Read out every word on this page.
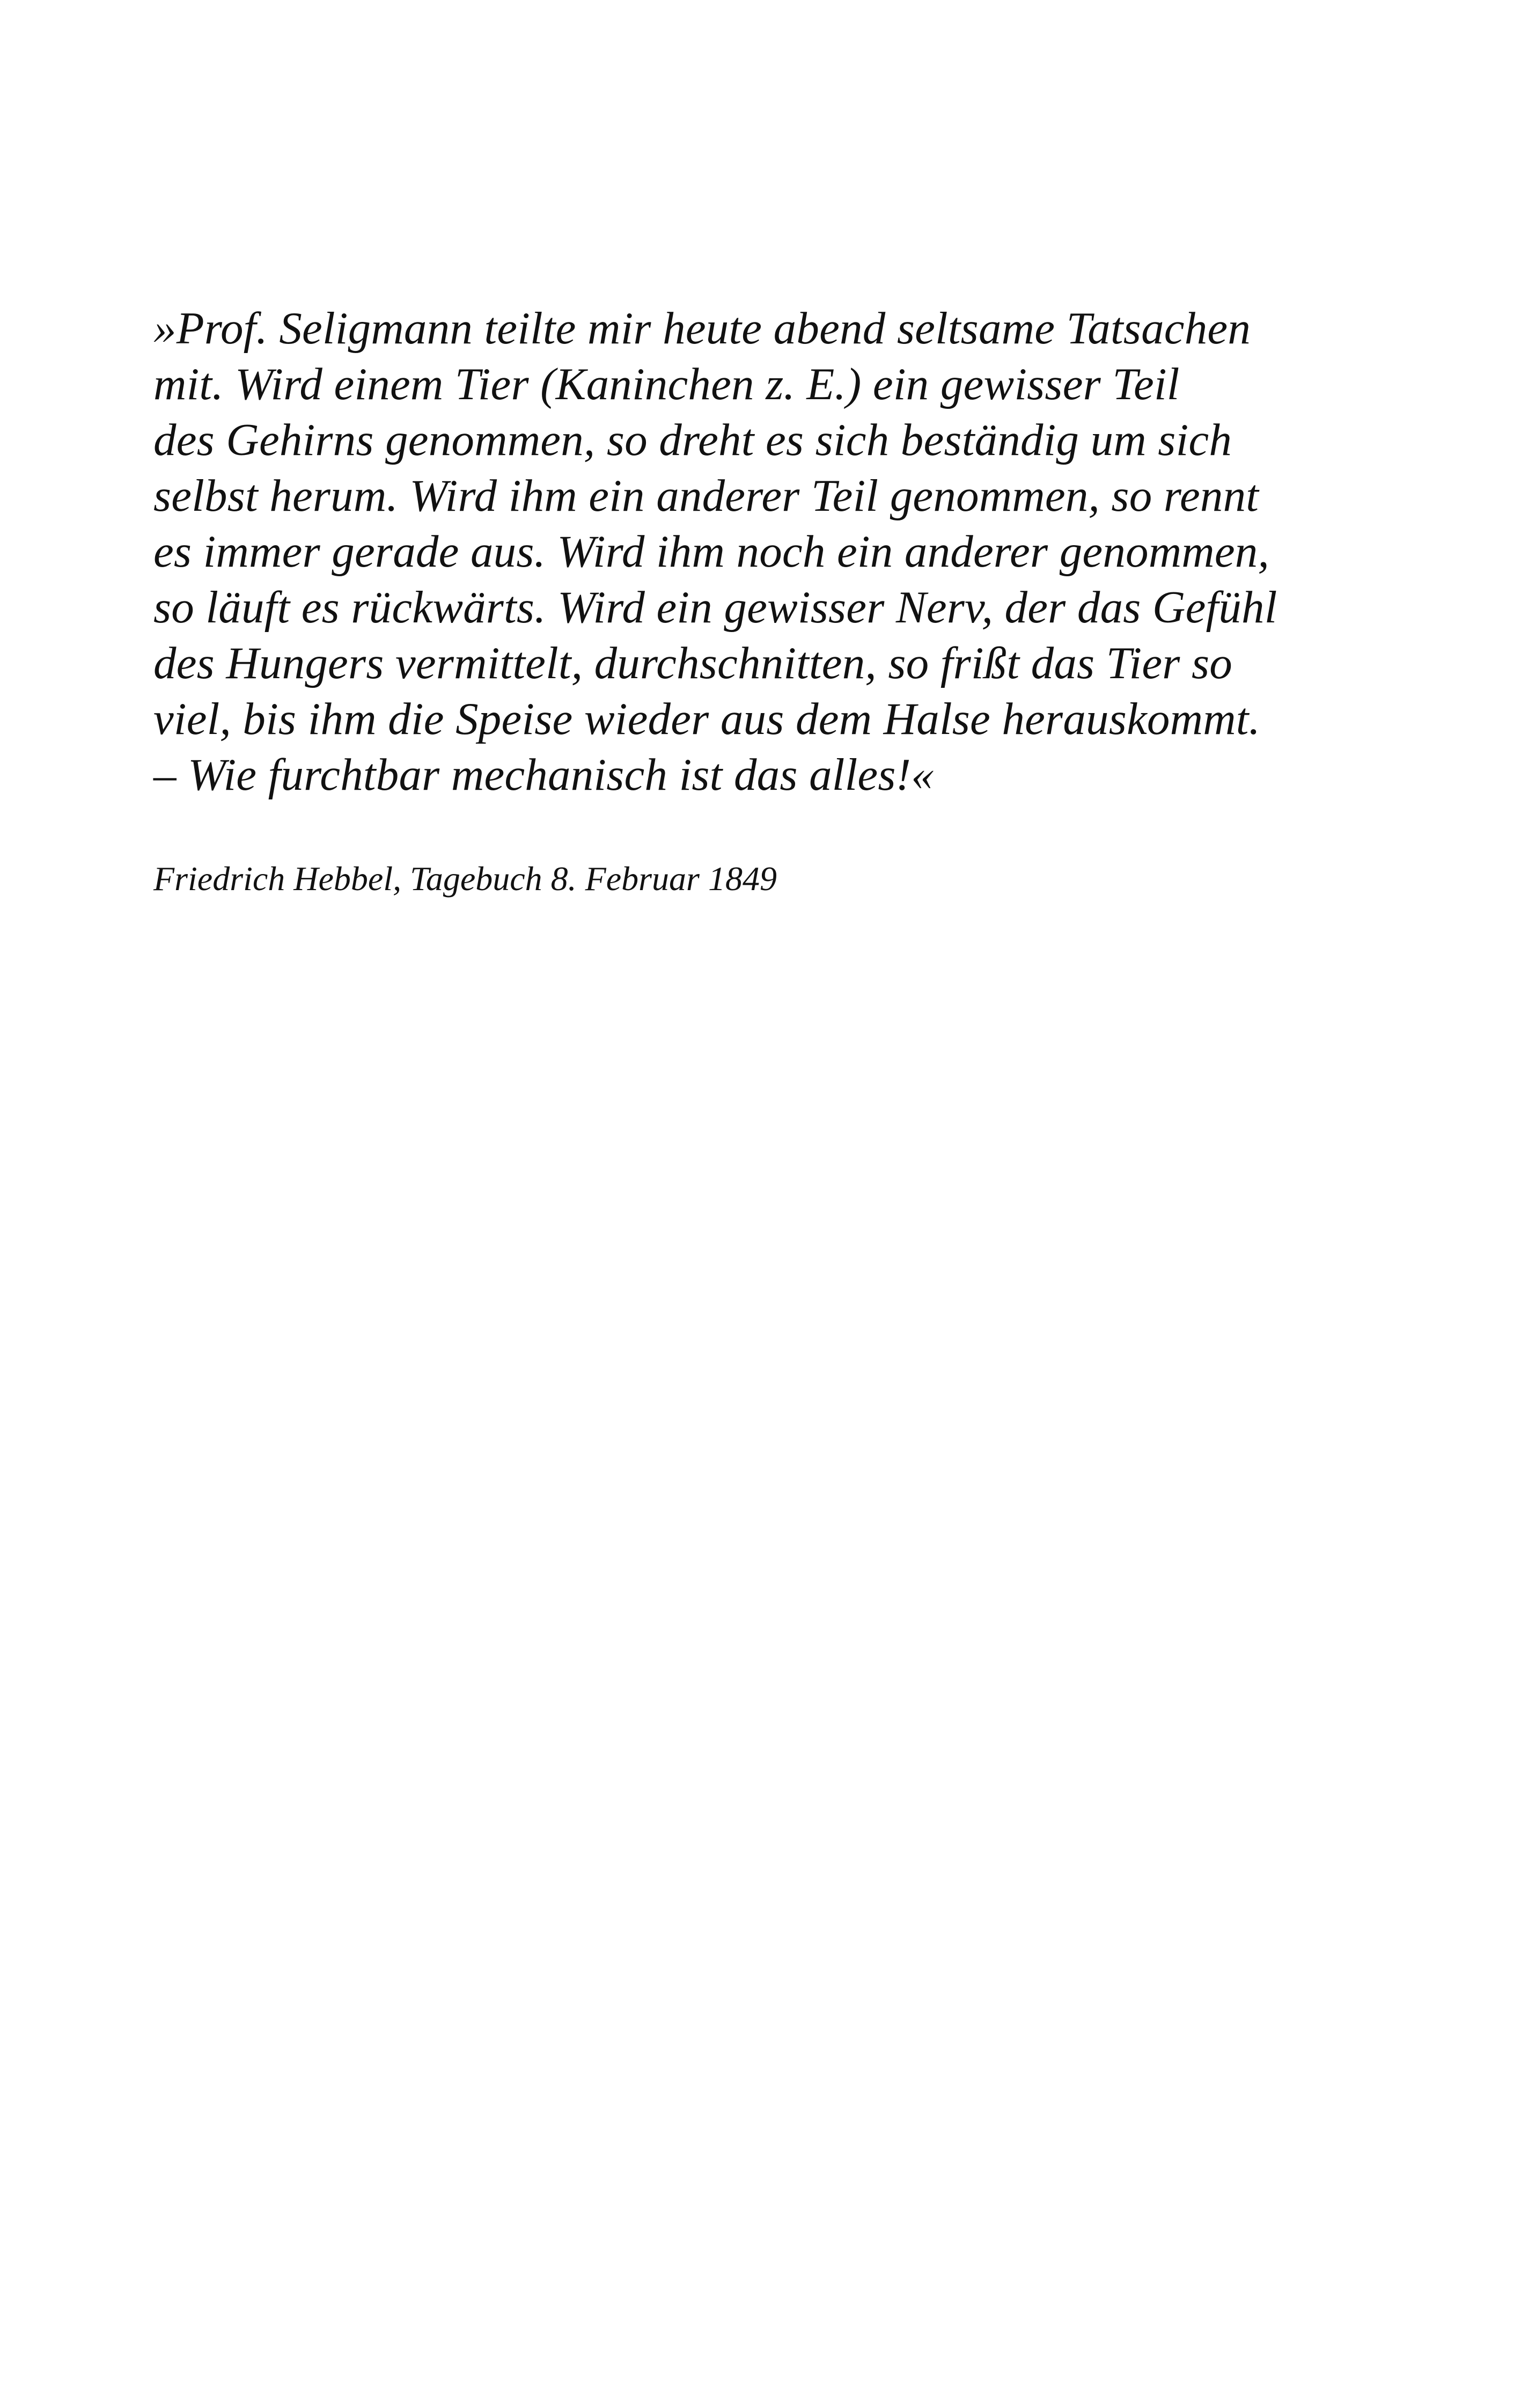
»Prof. Seligmann teilte mir heute abend seltsame Tatsachen
mit. Wird einem Tier (Kaninchen z. E.) ein gewisser Teil
des Gehirns genommen, so dreht es sich beständig um sich
selbst herum. Wird ihm ein anderer Teil genommen, so rennt
es immer gerade aus. Wird ihm noch ein anderer genommen,
so läuft es rückwärts. Wird ein gewisser Nerv, der das Gefühl
des Hungers vermittelt, durchschnitten, so frißt das Tier so
viel, bis ihm die Speise wieder aus dem Halse herauskommt.
– Wie furchtbar mechanisch ist das alles!«
Friedrich Hebbel, Tagebuch 8. Februar 1849
